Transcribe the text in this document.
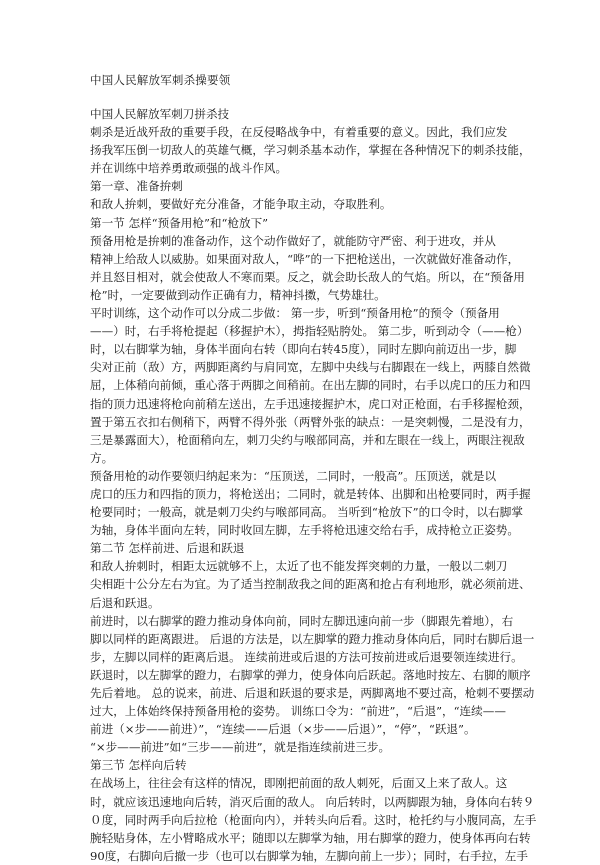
中国人民解放军刺杀操要领
中国人民解放军刺刀拼杀技
刺杀是近战歼敌的重要手段，在反侵略战争中，有着重要的意义。因此，我们应发
扬我军压倒一切敌人的英雄气概，学习刺杀基本动作，掌握在各种情况下的刺杀技能，
并在训练中培养勇敢顽强的战斗作风。
第一章、准备拚刺
和敌人拚刺，要做好充分准备，才能争取主动，夺取胜利。
第一节 怎样“预备用枪”和“枪放下”
预备用枪是拚刺的准备动作，这个动作做好了，就能防守严密、利于进攻，并从
精神上给敌人以威胁。如果面对敌人，“哗”的一下把枪送出，一次就做好准备动作，
并且怒目相对，就会使敌人不寒而栗。反之，就会助长敌人的气焰。所以，在“预备用
枪”时，一定要做到动作正确有力，精神抖擞，气势雄壮。
平时训练，这个动作可以分成二步做： 第一步，听到“预备用枪”的预令（预备用
——）时，右手将枪提起（移握护木），拇指轻贴胯处。 第二步，听到动令（——枪）
时，以右脚掌为轴，身体半面向右转（即向右转45度），同时左脚向前迈出一步，脚
尖对正前（敌）方，两脚距离约与肩同宽，左脚中央线与右脚跟在一线上，两膝自然微
屈，上体稍向前倾，重心落于两脚之间稍前。在出左脚的同时，右手以虎口的压力和四
指的顶力迅速将枪向前稍左送出，左手迅速接握护木，虎口对正枪面，右手移握枪颈，
置于第五衣扣右侧稍下，两臂不得外张（两臂外张的缺点：一是突刺慢，二是没有力，
三是暴露面大），枪面稍向左，刺刀尖约与喉部同高，并和左眼在一线上，两眼注视敌
方。
预备用枪的动作要领归纳起来为：“压顶送，二同时，一般高”。压顶送，就是以
虎口的压力和四指的顶力，将枪送出；二同时，就是转体、出脚和出枪要同时，两手握
枪要同时；一般高，就是刺刀尖约与喉部同高。 当听到“枪放下”的口令时，以右脚掌
为轴，身体半面向左转，同时收回左脚，左手将枪迅速交给右手，成持枪立正姿势。
第二节 怎样前进、后退和跃退
和敌人拚刺时，相距太远就够不上，太近了也不能发挥突刺的力量，一般以二刺刀
尖相距十公分左右为宜。为了适当控制敌我之间的距离和抢占有利地形，就必须前进、
后退和跃退。
前进时，以右脚掌的蹬力推动身体向前，同时左脚迅速向前一步（脚跟先着地），右
脚以同样的距离跟进。 后退的方法是，以左脚掌的蹬力推动身体向后，同时右脚后退一
步，左脚以同样的距离后退。 连续前进或后退的方法可按前进或后退要领连续进行。
跃退时，以左脚掌的蹬力，右脚掌的弹力，使身体向后跃起。落地时按左、右脚的顺序
先后着地。 总的说来，前进、后退和跃退的要求是，两脚离地不要过高，枪刺不要摆动
过大，上体始终保持预备用枪的姿势。 训练口令为：“前进”，“后退”，“连续——
前进（×步——前进）”，“连续——后退（×步——后退）”，“停”，“跃退”。
“×步——前进”如“三步——前进”，就是指连续前进三步。
第三节 怎样向后转
在战场上，往往会有这样的情况，即刚把前面的敌人刺死，后面又上来了敌人。这
时，就应该迅速地向后转，消灭后面的敌人。 向后转时，以两脚跟为轴，身体向右转９
０度，同时两手向后拉枪（枪面向内），并转头向后看。这时，枪托约与小腹同高，左手
腕轻贴身体，左小臂略成水平；随即以左脚掌为轴，用右脚掌的蹬力，使身体再向右转
90度，右脚向后撤一步（也可以右脚掌为轴，左脚向前上一步）；同时，右手拉，左手
